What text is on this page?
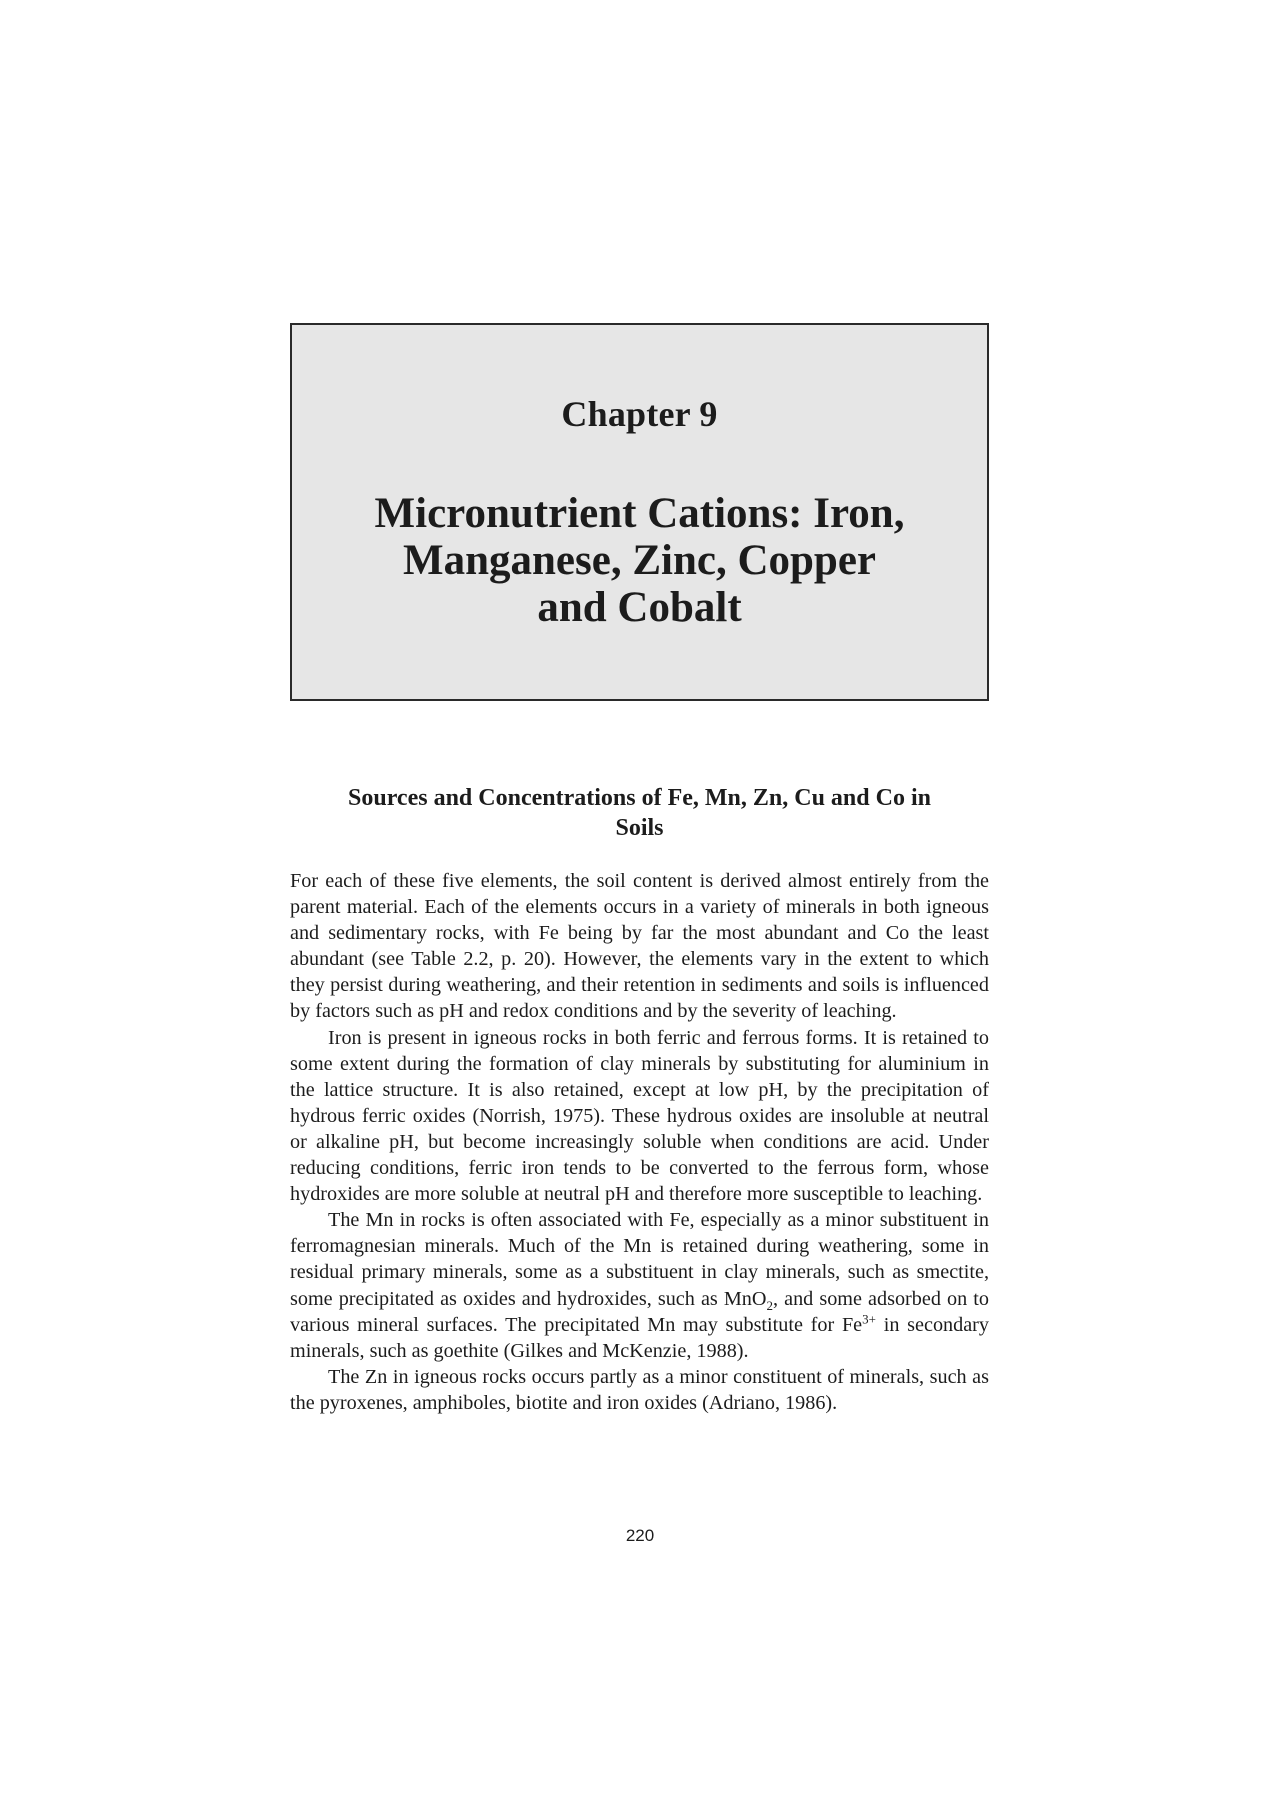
Chapter 9
Micronutrient Cations: Iron,
Manganese, Zinc, Copper
and Cobalt
Sources and Concentrations of Fe, Mn, Zn, Cu and Co in
Soils

For each of these five elements, the soil content is derived almost entirely from the parent material. Each of the elements occurs in a variety of minerals in both igneous and sedimentary rocks, with Fe being by far the most abundant and Co the least abundant (see Table 2.2, p. 20). However, the elements vary in the extent to which they persist during weathering, and their retention in sediments and soils is influenced by factors such as pH and redox conditions and by the severity of leaching.

Iron is present in igneous rocks in both ferric and ferrous forms. It is retained to some extent during the formation of clay minerals by substituting for aluminium in the lattice structure. It is also retained, except at low pH, by the precipitation of hydrous ferric oxides (Norrish, 1975). These hydrous oxides are insoluble at neutral or alkaline pH, but become increasingly soluble when conditions are acid. Under reducing conditions, ferric iron tends to be converted to the ferrous form, whose hydroxides are more soluble at neutral pH and therefore more susceptible to leaching.

The Mn in rocks is often associated with Fe, especially as a minor substituent in ferromagnesian minerals. Much of the Mn is retained during weathering, some in residual primary minerals, some as a substituent in clay minerals, such as smectite, some precipitated as oxides and hydroxides, such as MnO$_2$, and some adsorbed on to various mineral surfaces. The precipitated Mn may substitute for $Fe^{3+}$ in secondary minerals, such as goethite (Gilkes and McKenzie, 1988).

The Zn in igneous rocks occurs partly as a minor constituent of minerals, such as the pyroxenes, amphiboles, biotite and iron oxides (Adriano, 1986).

220
